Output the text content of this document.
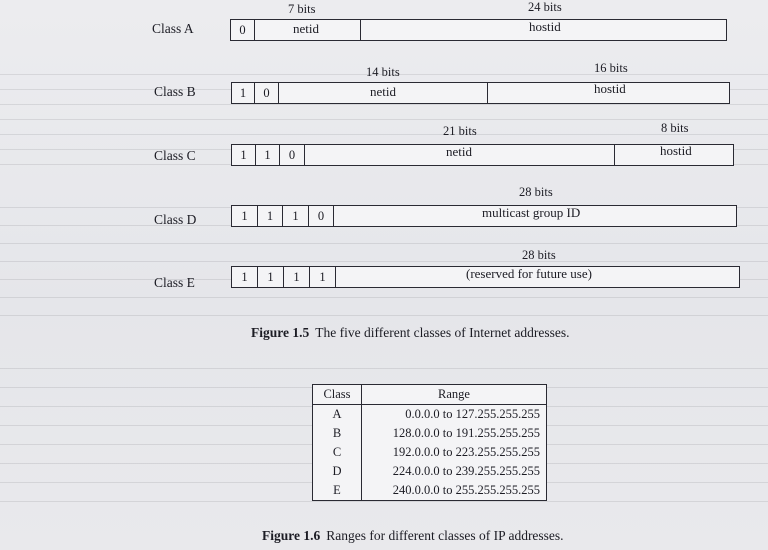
7 bits	24 bits
Class A	0	netid	hostid
14 bits	16 bits
Class B	1	0	netid	hostid
21 bits	8 bits
Class C	1	1	0	netid	hostid
28 bits
Class D	1	1	1	0	multicast group ID
28 bits
Class E	1	1	1	1	(reserved for future use)
Figure 1.5 The five different classes of Internet addresses.
Class	Range
A	0.0.0.0 to 127.255.255.255
B	128.0.0.0 to 191.255.255.255
C	192.0.0.0 to 223.255.255.255
D	224.0.0.0 to 239.255.255.255
E	240.0.0.0 to 255.255.255.255
Figure 1.6 Ranges for different classes of IP addresses.
